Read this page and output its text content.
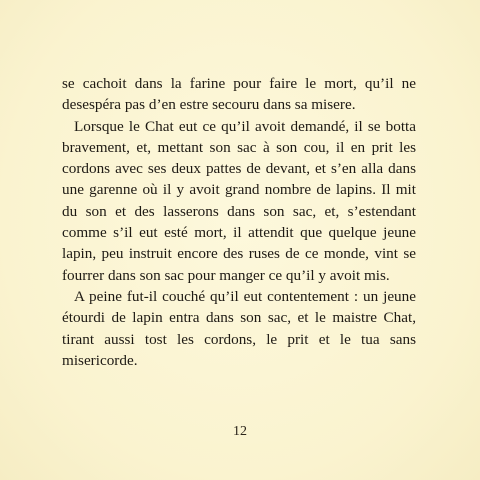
se cachoit dans la farine pour faire le mort, qu’il ne desespéra pas d’en estre secouru dans sa misere.

Lorsque le Chat eut ce qu’il avoit demandé, il se botta bravement, et, mettant son sac à son cou, il en prit les cordons avec ses deux pattes de devant, et s’en alla dans une garenne où il y avoit grand nombre de lapins. Il mit du son et des lasserons dans son sac, et, s’estendant comme s’il eut esté mort, il attendit que quelque jeune lapin, peu instruit encore des ruses de ce monde, vint se fourrer dans son sac pour manger ce qu’il y avoit mis.

A peine fut-il couché qu’il eut contentement : un jeune étourdi de lapin entra dans son sac, et le maistre Chat, tirant aussi tost les cordons, le prit et le tua sans misericorde.

12
